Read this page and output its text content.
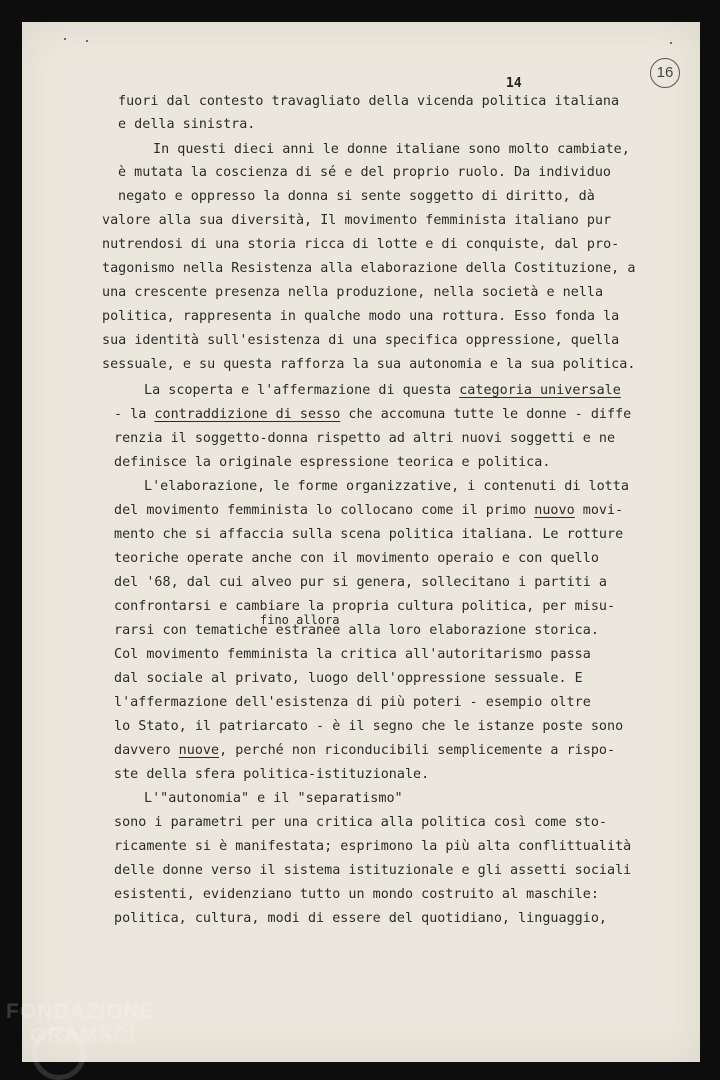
14
16
fuori dal contesto travagliato della vicenda politica italiana
e della sinistra.
In questi dieci anni le donne italiane sono molto cambiate,
è mutata la coscienza di sé e del proprio ruolo. Da individuo
negato e oppresso la donna si sente soggetto di diritto, dà
valore alla sua diversità, Il movimento femminista italiano pur
nutrendosi di una storia ricca di lotte e di conquiste, dal pro-
tagonismo nella Resistenza alla elaborazione della Costituzione, a
una crescente presenza nella produzione, nella società e nella
politica, rappresenta in qualche modo una rottura. Esso fonda la
sua identità sull'esistenza di una specifica oppressione, quella
sessuale, e su questa rafforza la sua autonomia e la sua politica.
La scoperta e l'affermazione di questa categoria universale
- la contraddizione di sesso che accomuna tutte le donne - diffe
renzia il soggetto-donna rispetto ad altri nuovi soggetti e ne
definisce la originale espressione teorica e politica.
L'elaborazione, le forme organizzative, i contenuti di lotta
del movimento femminista lo collocano come il primo nuovo movi-
mento che si affaccia sulla scena politica italiana. Le rotture
teoriche operate anche con il movimento operaio e con quello
del '68, dal cui alveo pur si genera, sollecitano i partiti a
confrontarsi e cambiare la propria cultura politica, per misu-
fino allora
rarsi con tematiche estranee alla loro elaborazione storica.
Col movimento femminista la critica all'autoritarismo passa
dal sociale al privato, luogo dell'oppressione sessuale. E
l'affermazione dell'esistenza di più poteri - esempio oltre
lo Stato, il patriarcato - è il segno che le istanze poste sono
davvero nuove, perché non riconducibili semplicemente a rispo-
ste della sfera politica-istituzionale.
L'"autonomia" e il "separatismo"
sono i parametri per una critica alla politica così come sto-
ricamente si è manifestata; esprimono la più alta conflittualità
delle donne verso il sistema istituzionale e gli assetti sociali
esistenti, evidenziano tutto un mondo costruito al maschile:
politica, cultura, modi di essere del quotidiano, linguaggio,
FONDAZIONE
GRAMSCI
